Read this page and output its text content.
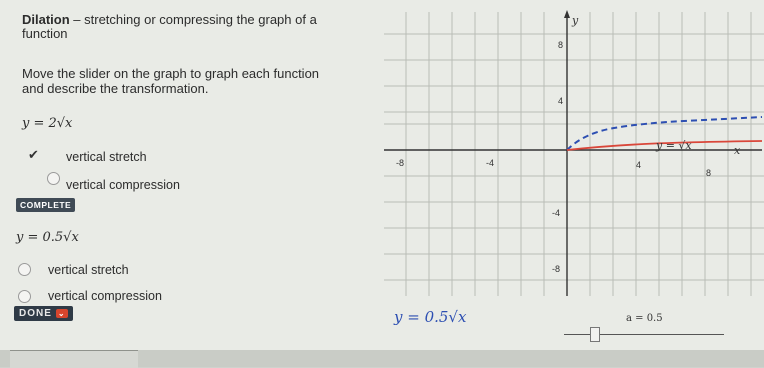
Dilation – stretching or compressing the graph of a function
Move the slider on the graph to graph each function and describe the transformation.
y = 2√x
✔ vertical stretch
vertical compression
COMPLETE
y = 0.5√x
vertical stretch
vertical compression
DONE ⌄
y
x
-8	-4	4
8
8
4
-4
-8
y = √x
y = 0.5√x	a = 0.5
